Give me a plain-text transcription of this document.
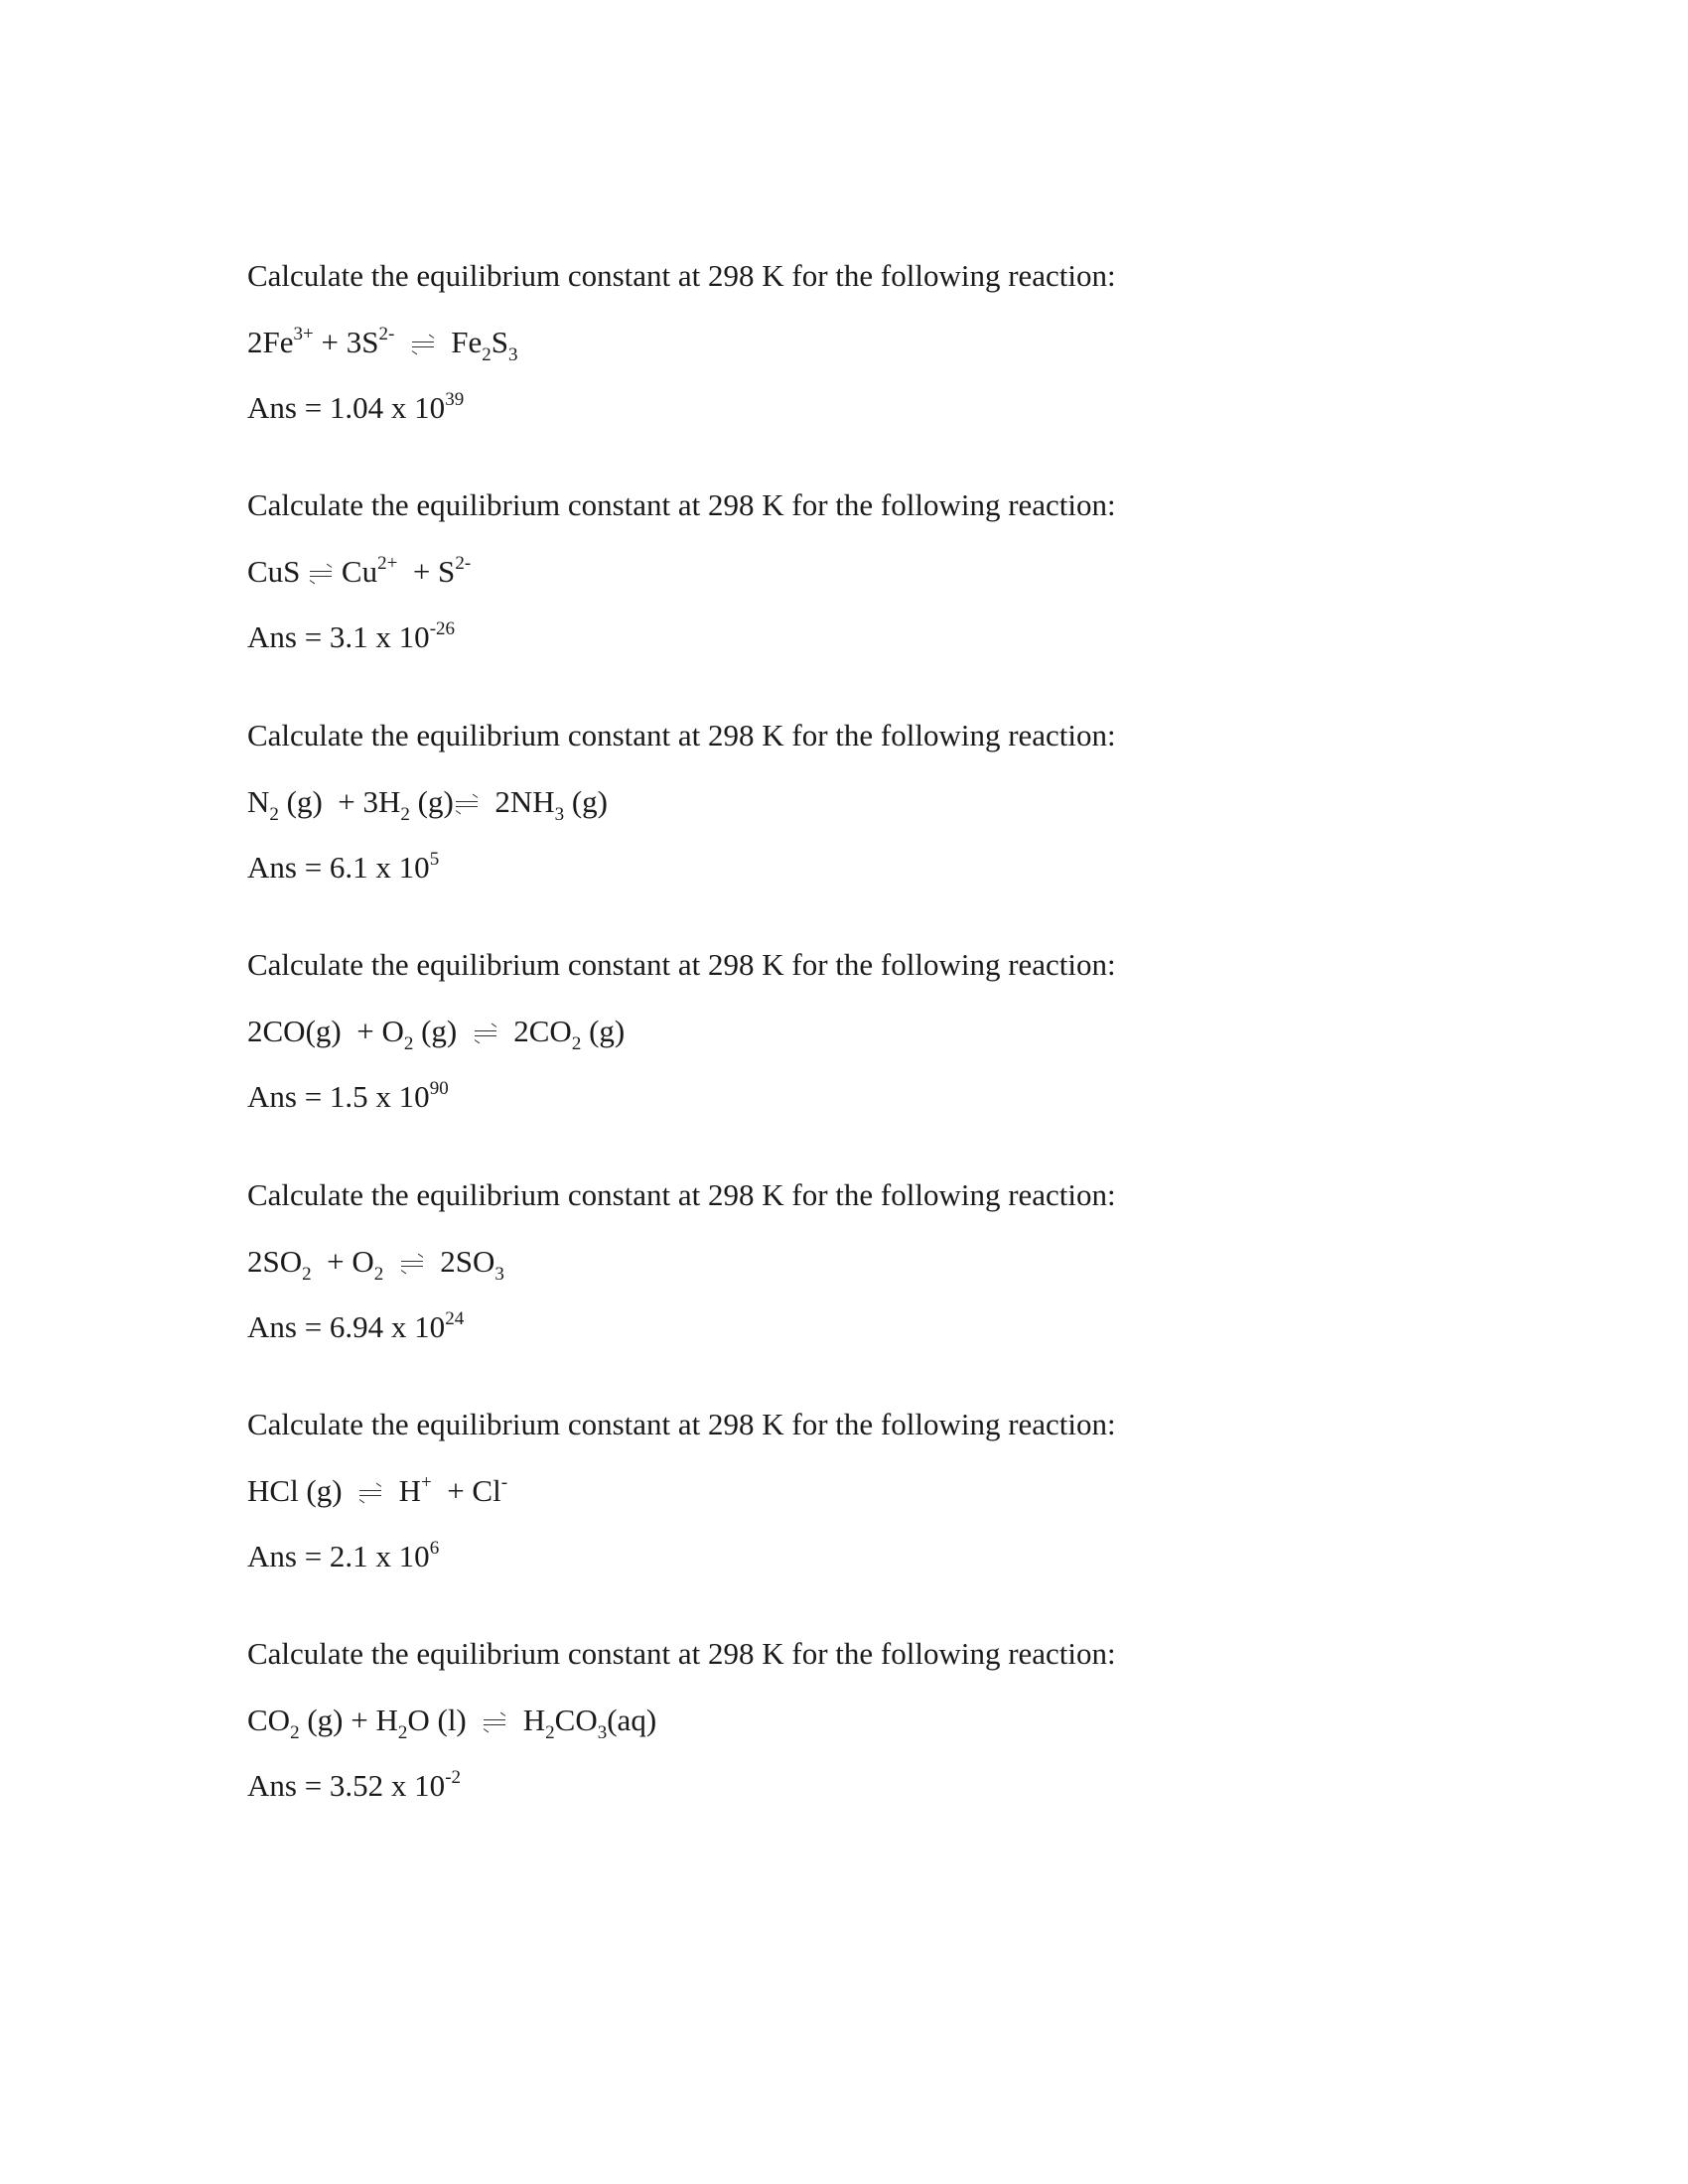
Calculate the equilibrium constant at 298 K for the following reaction:
$2Fe^{3+} + 3S^{2-}$ $Fe_2S_3$
Ans = 1.04 x $10^{39}$
Calculate the equilibrium constant at 298 K for the following reaction:
CuS $Cu^{2+} + S^{2-}$
Ans = 3.1 x $10^{-26}$
Calculate the equilibrium constant at 298 K for the following reaction:
$N_2$ $(g) + 3H_2$ (g) $2NH_3$ (g)
Ans = 6.1 x $10^5$
Calculate the equilibrium constant at 298 K for the following reaction:
$2CO(g) + O_2$ (g) $2CO_2$ (g)
Ans = 1.5 x $10^{90}$
Calculate the equilibrium constant at 298 K for the following reaction:
$2SO_2 + O_2$ $2SO_3$
Ans = 6.94 x $10^{24}$
Calculate the equilibrium constant at 298 K for the following reaction:
HCl (g) H+ + Cl-
Ans = 2.1 x $10^6$
Calculate the equilibrium constant at 298 K for the following reaction:
$CO_2$ $(g) + H_2O$ (l) $H_2CO_3(aq)$
Ans = 3.52 x $10^{-2}$
